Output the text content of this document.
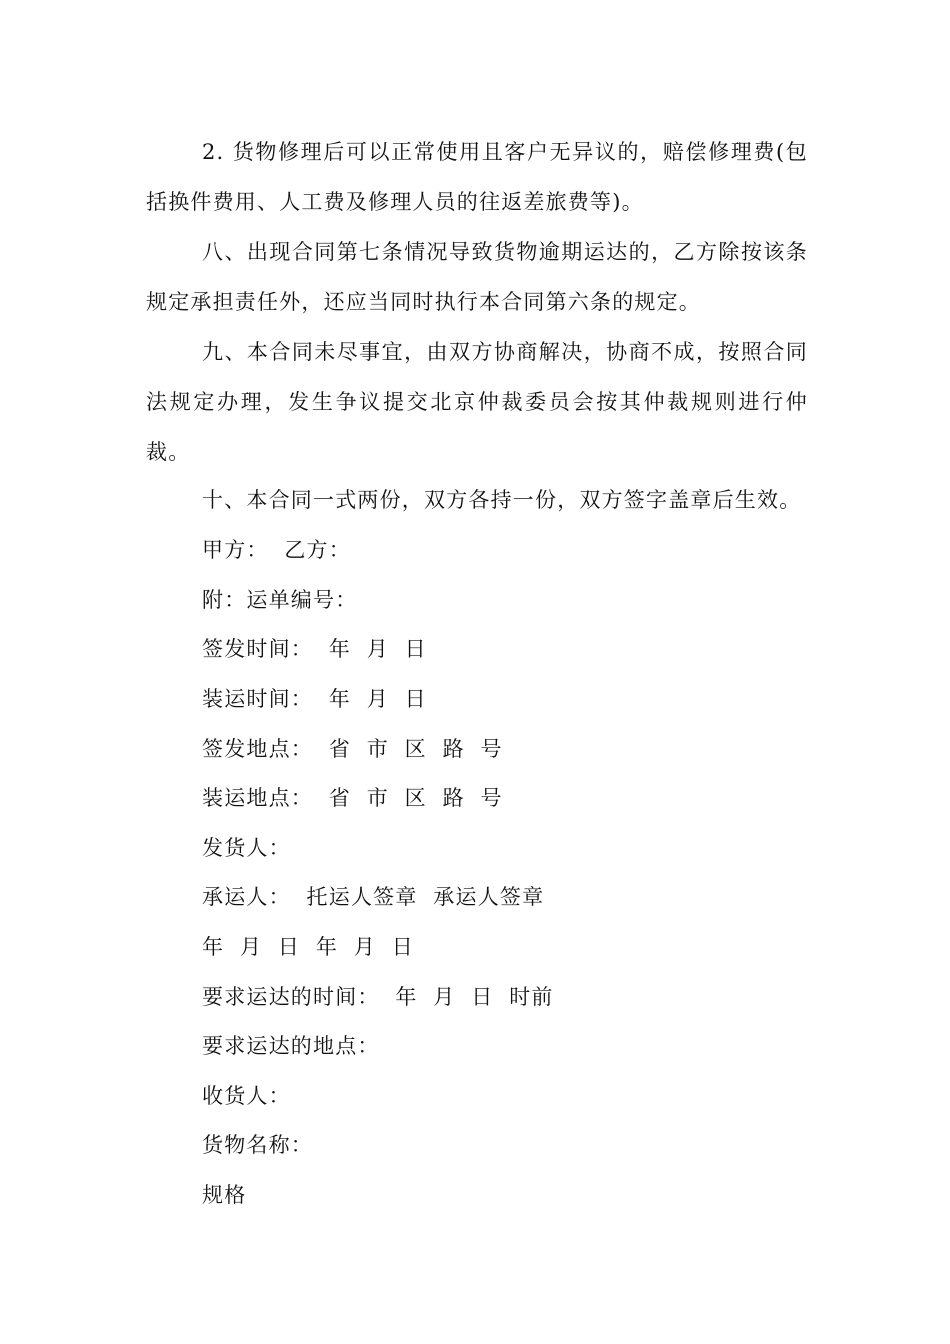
2. 货物修理后可以正常使用且客户无异议的，赔偿修理费(包括换件费用、人工费及修理人员的往返差旅费等)。

八、出现合同第七条情况导致货物逾期运达的，乙方除按该条规定承担责任外，还应当同时执行本合同第六条的规定。

九、本合同未尽事宜，由双方协商解决，协商不成，按照合同法规定办理，发生争议提交北京仲裁委员会按其仲裁规则进行仲裁。

十、本合同一式两份，双方各持一份，双方签字盖章后生效。

甲方：  乙方：

附：运单编号：

签发时间：  年  月  日

装运时间：  年  月  日

签发地点：  省  市  区  路  号

装运地点：  省  市  区  路  号

发货人：

承运人：  托运人签章  承运人签章

年  月  日  年  月  日

要求运达的时间：  年  月  日  时前

要求运达的地点：

收货人：

货物名称：

规格
